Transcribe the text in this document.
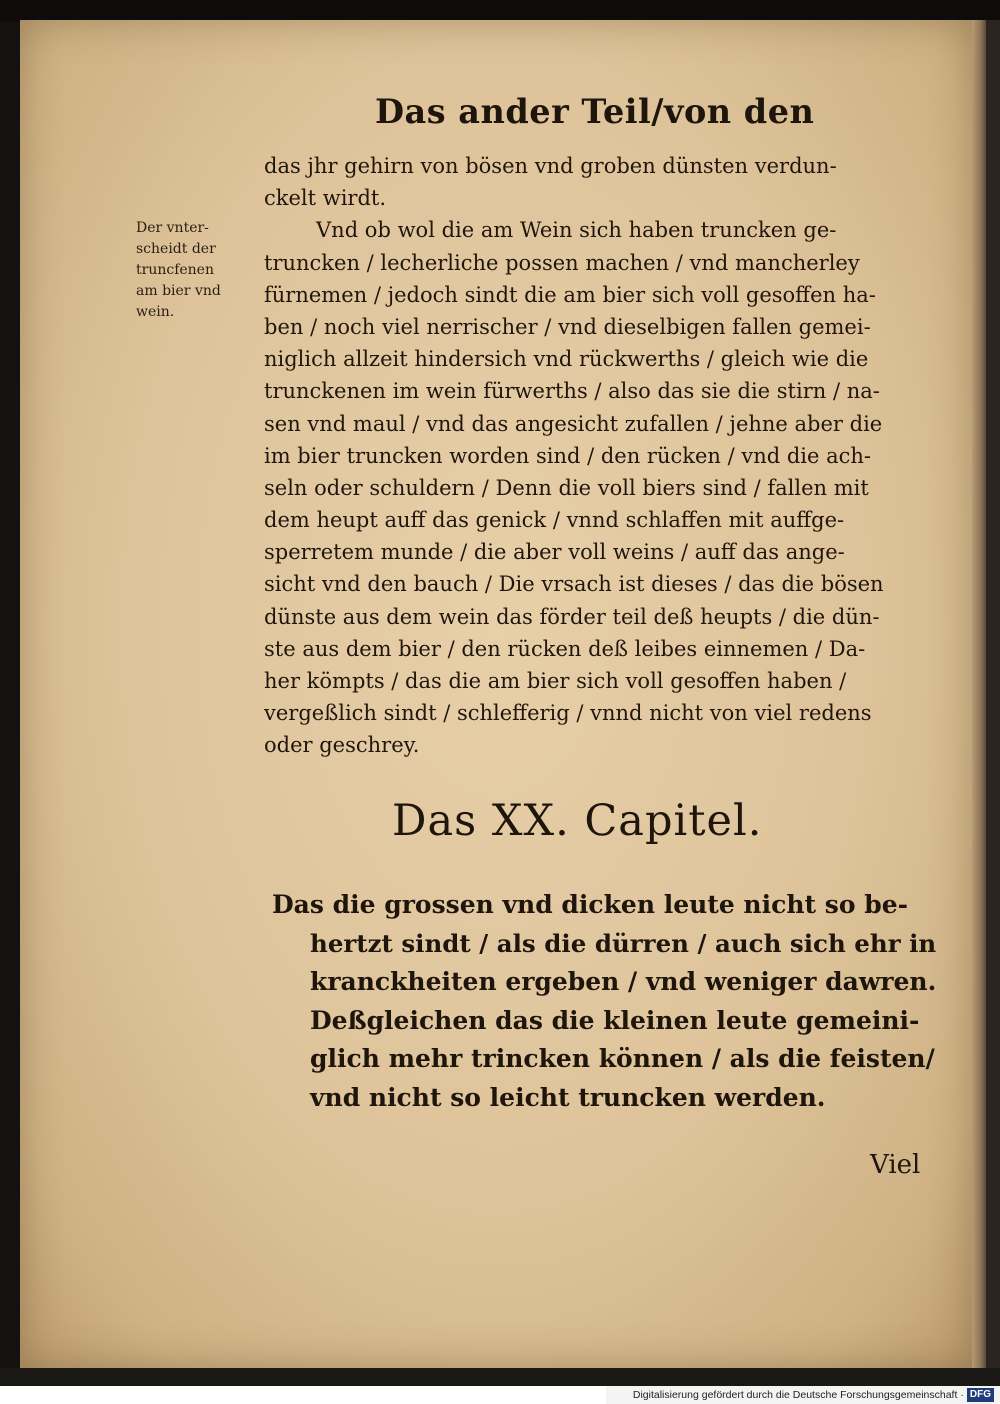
Das ander Teil/von den
Der vnter-
scheidt der
truncfenen
am bier vnd
wein.
das jhr gehirn von bösen vnd groben dünsten verdun-
ckelt wirdt.
Vnd ob wol die am Wein sich haben truncken ge-
truncken / lecherliche possen machen / vnd mancherley
fürnemen / jedoch sindt die am bier sich voll gesoffen ha-
ben / noch viel nerrischer / vnd dieselbigen fallen gemei-
niglich allzeit hindersich vnd rückwerths / gleich wie die
trunckenen im wein fürwerths / also das sie die stirn / na-
sen vnd maul / vnd das angesicht zufallen / jehne aber die
im bier truncken worden sind / den rücken / vnd die ach-
seln oder schuldern / Denn die voll biers sind / fallen mit
dem heupt auff das genick / vnnd schlaffen mit auffge-
sperretem munde / die aber voll weins / auff das ange-
sicht vnd den bauch / Die vrsach ist dieses / das die bösen
dünste aus dem wein das förder teil deß heupts / die dün-
ste aus dem bier / den rücken deß leibes einnemen / Da-
her kömpts / das die am bier sich voll gesoffen haben /
vergeßlich sindt / schlefferig / vnnd nicht von viel redens
oder geschrey.
Das XX. Capitel.
Das die grossen vnd dicken leute nicht so be-
hertzt sindt / als die dürren / auch sich ehr in
kranckheiten ergeben / vnd weniger dawren.
Deßgleichen das die kleinen leute gemeini-
glich mehr trincken können / als die feisten/
vnd nicht so leicht truncken werden.
Viel
Digitalisierung gefördert durch die Deutsche Forschungsgemeinschaft · DFG
